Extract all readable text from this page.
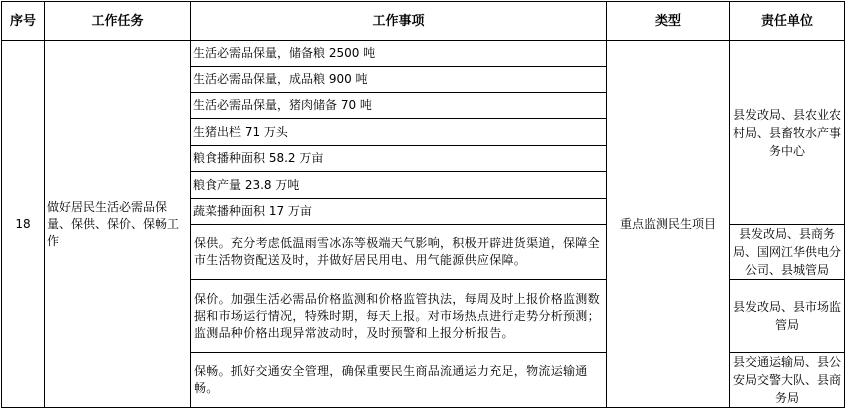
序号	工作任务	工作事项	类型	责任单位
18	做好居民生活必需品保量、保供、保价、保畅工作	生活必需品保量，储备粮 2500 吨	重点监测民生项目	县发改局、县农业农村局、县畜牧水产事务中心
		生活必需品保量，成品粮 900 吨		
		生活必需品保量，猪肉储备 70 吨		
		生猪出栏 71 万头		
		粮食播种面积 58.2 万亩		
		粮食产量 23.8 万吨		
		蔬菜播种面积 17 万亩		
		保供。充分考虑低温雨雪冰冻等极端天气影响，积极开辟进货渠道，保障全市生活物资配送及时，并做好居民用电、用气能源供应保障。		县发改局、县商务局、国网江华供电分公司、县城管局
		保价。加强生活必需品价格监测和价格监管执法，每周及时上报价格监测数据和市场运行情况，特殊时期，每天上报。对市场热点进行走势分析预测；监测品种价格出现异常波动时，及时预警和上报分析报告。		县发改局、县市场监管局
		保畅。抓好交通安全管理，确保重要民生商品流通运力充足，物流运输通畅。		县交通运输局、县公安局交警大队、县商务局
